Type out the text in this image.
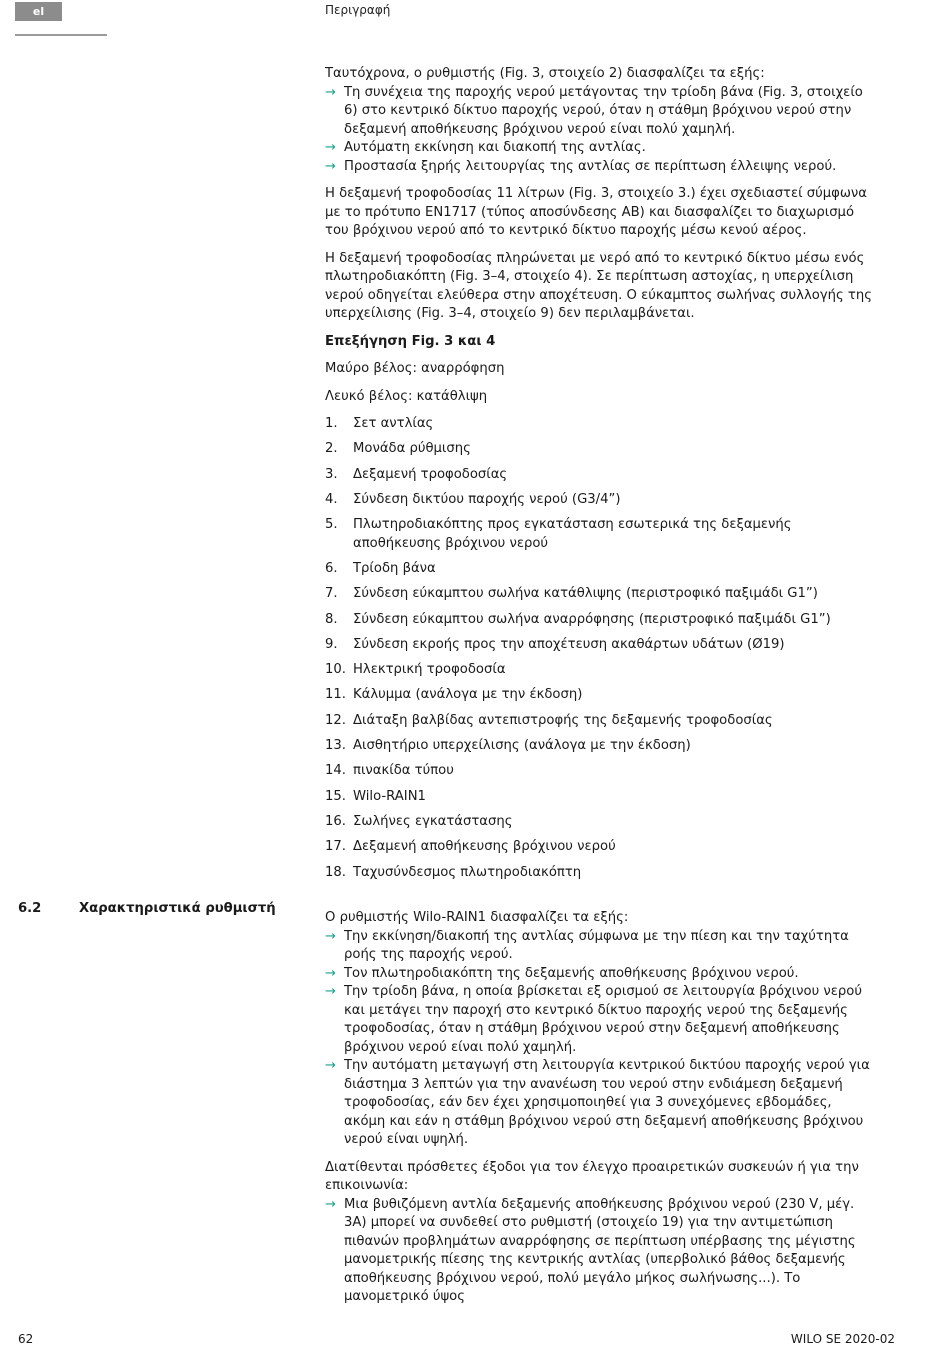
el	Περιγραφή

Ταυτόχρονα, ο ρυθμιστής (Fig. 3, στοιχείο 2) διασφαλίζει τα εξής:

→ Τη συνέχεια της παροχής νερού μετάγοντας την τρίοδη βάνα (Fig. 3, στοιχείο 6) στο κεντρικό δίκτυο παροχής νερού, όταν η στάθμη βρόχινου νερού στην δεξαμενή αποθήκευσης βρόχινου νερού είναι πολύ χαμηλή.
→ Αυτόματη εκκίνηση και διακοπή της αντλίας.
→ Προστασία ξηρής λειτουργίας της αντλίας σε περίπτωση έλλειψης νερού.

Η δεξαμενή τροφοδοσίας 11 λίτρων (Fig. 3, στοιχείο 3.) έχει σχεδιαστεί σύμφωνα με το πρότυπο EN1717 (τύπος αποσύνδεσης AB) και διασφαλίζει το διαχωρισμό του βρόχινου νερού από το κεντρικό δίκτυο παροχής μέσω κενού αέρος.

Η δεξαμενή τροφοδοσίας πληρώνεται με νερό από το κεντρικό δίκτυο μέσω ενός πλωτηροδιακόπτη (Fig. 3–4, στοιχείο 4). Σε περίπτωση αστοχίας, η υπερχείλιση νερού οδηγείται ελεύθερα στην αποχέτευση. Ο εύκαμπτος σωλήνας συλλογής της υπερχείλισης (Fig. 3–4, στοιχείο 9) δεν περιλαμβάνεται.

Επεξήγηση Fig. 3 και 4

Μαύρο βέλος: αναρρόφηση

Λευκό βέλος: κατάθλιψη

1.	Σετ αντλίας
2.	Μονάδα ρύθμισης
3.	Δεξαμενή τροφοδοσίας
4.	Σύνδεση δικτύου παροχής νερού (G3/4”)
5.	Πλωτηροδιακόπτης προς εγκατάσταση εσωτερικά της δεξαμενής αποθήκευσης βρόχινου νερού
6.	Τρίοδη βάνα
7.	Σύνδεση εύκαμπτου σωλήνα κατάθλιψης (περιστροφικό παξιμάδι G1”)
8.	Σύνδεση εύκαμπτου σωλήνα αναρρόφησης (περιστροφικό παξιμάδι G1”)
9.	Σύνδεση εκροής προς την αποχέτευση ακαθάρτων υδάτων (Ø19)
10. Ηλεκτρική τροφοδοσία
11. Κάλυμμα (ανάλογα με την έκδοση)
12. Διάταξη βαλβίδας αντεπιστροφής της δεξαμενής τροφοδοσίας
13. Αισθητήριο υπερχείλισης (ανάλογα με την έκδοση)
14. πινακίδα τύπου
15. Wilo-RAIN1
16. Σωλήνες εγκατάστασης
17. Δεξαμενή αποθήκευσης βρόχινου νερού
18. Ταχυσύνδεσμος πλωτηροδιακόπτη
6.2	Χαρακτηριστικά ρυθμιστή

Ο ρυθμιστής Wilo-RAIN1 διασφαλίζει τα εξής:

→ Την εκκίνηση/διακοπή της αντλίας σύμφωνα με την πίεση και την ταχύτητα ροής της παροχής νερού.
→ Τον πλωτηροδιακόπτη της δεξαμενής αποθήκευσης βρόχινου νερού.
→ Την τρίοδη βάνα, η οποία βρίσκεται εξ ορισμού σε λειτουργία βρόχινου νερού και μετάγει την παροχή στο κεντρικό δίκτυο παροχής νερού της δεξαμενής τροφοδοσίας, όταν η στάθμη βρόχινου νερού στην δεξαμενή αποθήκευσης βρόχινου νερού είναι πολύ χαμηλή.
→ Την αυτόματη μεταγωγή στη λειτουργία κεντρικού δικτύου παροχής νερού για διάστημα 3 λεπτών για την ανανέωση του νερού στην ενδιάμεση δεξαμενή τροφοδοσίας, εάν δεν έχει χρησιμοποιηθεί για 3 συνεχόμενες εβδομάδες, ακόμη και εάν η στάθμη βρόχινου νερού στη δεξαμενή αποθήκευσης βρόχινου νερού είναι υψηλή.

Διατίθενται πρόσθετες έξοδοι για τον έλεγχο προαιρετικών συσκευών ή για την επικοινωνία:

→ Μια βυθιζόμενη αντλία δεξαμενής αποθήκευσης βρόχινου νερού (230 V, μέγ. 3A) μπορεί να συνδεθεί στο ρυθμιστή (στοιχείο 19) για την αντιμετώπιση πιθανών προβλημάτων αναρρόφησης σε περίπτωση υπέρβασης της μέγιστης μανομετρικής πίεσης της κεντρικής αντλίας (υπερβολικό βάθος δεξαμενής αποθήκευσης βρόχινου νερού, πολύ μεγάλο μήκος σωλήνωσης...). Το μανομετρικό ύψος
62	WILO SE 2020-02
